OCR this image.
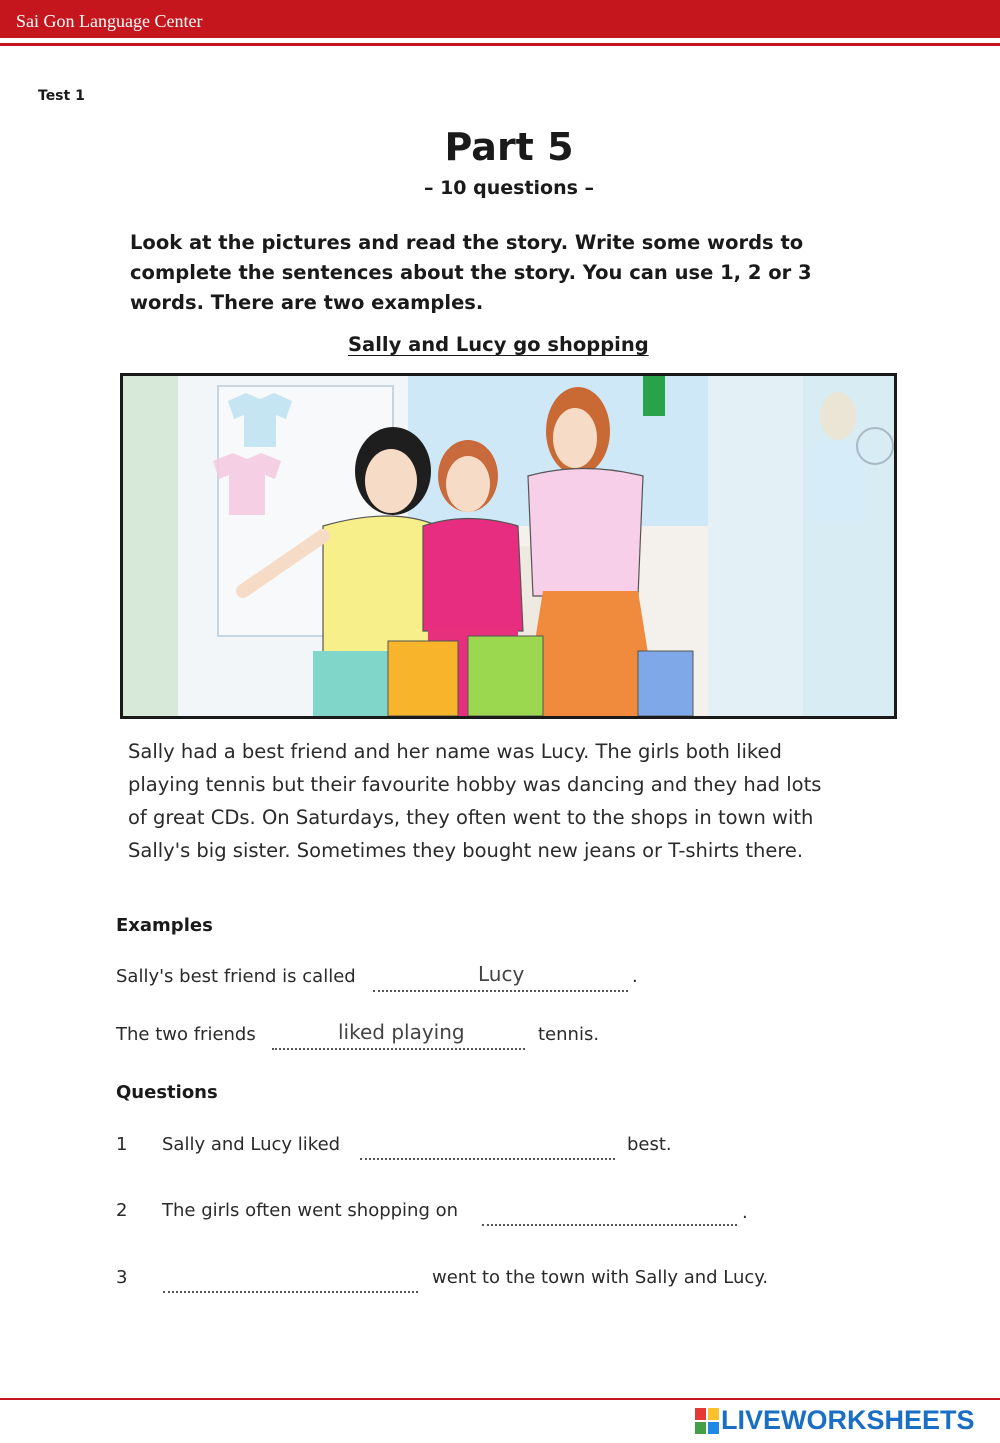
Sai Gon Language Center
Test 1
Part 5
– 10 questions –
Look at the pictures and read the story. Write some words to complete the sentences about the story. You can use 1, 2 or 3 words. There are two examples.
Sally and Lucy go shopping
Sally had a best friend and her name was Lucy. The girls both liked
playing tennis but their favourite hobby was dancing and they had lots
of great CDs. On Saturdays, they often went to the shops in town with
Sally's big sister. Sometimes they bought new jeans or T-shirts there.
Examples
Sally's best friend is called	Lucy	.
The two friends	liked playing	tennis.
Questions
1 Sally and Lucy liked	best.
2 The girls often went shopping on	.
3	went to the town with Sally and Lucy.
LIVEWORKSHEETS
